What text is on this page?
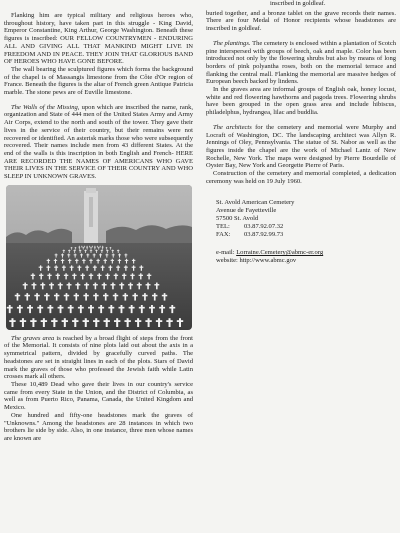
Flanking him are typical military and religious heroes who, throughout history, have taken part in this struggle - King David, Emperor Constantine, King Arthur, George Washington. Beneath these figures is inscribed: OUR FELLOW COUNTRYMEN - ENDURING ALL AND GIVING ALL THAT MANKIND MIGHT LIVE IN FREEDOM AND IN PEACE. THEY JOIN THAT GLORIOUS BAND OF HEROES WHO HAVE GONE BEFORE.

The wall bearing the sculptured figures which forms the background of the chapel is of Massangis limestone from the Côte d'Or region of France. Beneath the figures is the altar of French green Antique Patricia marble. The stone pews are of Euville limestone.

The Walls of the Missing, upon which are inscribed the name, rank, organization and State of 444 men of the United States Army and Army Air Corps, extend to the north and south of the tower. They gave their lives in the service of their country, but their remains were not recovered or identified. An asterisk marks those who were subsequently recovered. Their names include men from 43 different States. At the end of the walls is this inscription in both English and French- HERE ARE RECORDED THE NAMES OF AMERICANS WHO GAVE THEIR LIVES IN THE SERVICE OF THEIR COUNTRY AND WHO SLEEP IN UNKNOWN GRAVES.

The graves area is reached by a broad flight of steps from the front of the Memorial. It consists of nine plots laid out about the axis in a symmetrical pattern, divided by gracefully curved paths. The headstones are set in straight lines in each of the plots. Stars of David mark the graves of those who professed the Jewish faith while Latin crosses mark all others.

These 10,489 Dead who gave their lives in our country's service came from every State in the Union, and the District of Columbia, as well as from Puerto Rico, Panama, Canada, the United Kingdom and Mexico.

One hundred and fifty-one headstones mark the graves of "Unknowns." Among the headstones are 28 instances in which two brothers lie side by side. Also, in one instance, three men whose names are known are

inscribed in goldleaf.

buried together, and a bronze tablet on the grave records their names. There are four Medal of Honor recipients whose headstones are inscribed in goldleaf.

The plantings. The cemetery is enclosed within a plantation of Scotch pine interspersed with groups of beech, oak and maple. Color has been introduced not only by the flowering shrubs but also by means of long borders of pink polyantha roses, both on the memorial terrace and flanking the central mall. Flanking the memorial are massive hedges of European beech backed by lindens.

In the graves area are informal groups of English oak, honey locust, white and red flowering hawthorns and pagoda trees. Flowering shrubs have been grouped in the open grass area and include hibiscus, philadelphus, hydrangea, lilac and buddlia.

The architects for the cemetery and memorial were Murphy and Locraft of Washington, DC. The landscaping architect was Allyn R. Jennings of Oley, Pennsylvania. The statue of St. Nabor as well as the figures inside the chapel are the work of Michael Lantz of New Rochelle, New York. The maps were designed by Pierre Bourdelle of Oyster Bay, New York and Georgette Pierre of Paris.

Construction of the cemetery and memorial completed, a dedication ceremony was held on 19 July 1960.

St. Avold American Cemetery
Avenue de Fayetteville
57500 St. Avold
TEL:	03.87.92.07.32
FAX:	03.87.92.99.73
e-mail: Lorraine.Cemetery@abmc-er.org
website: http://www.abmc.gov
